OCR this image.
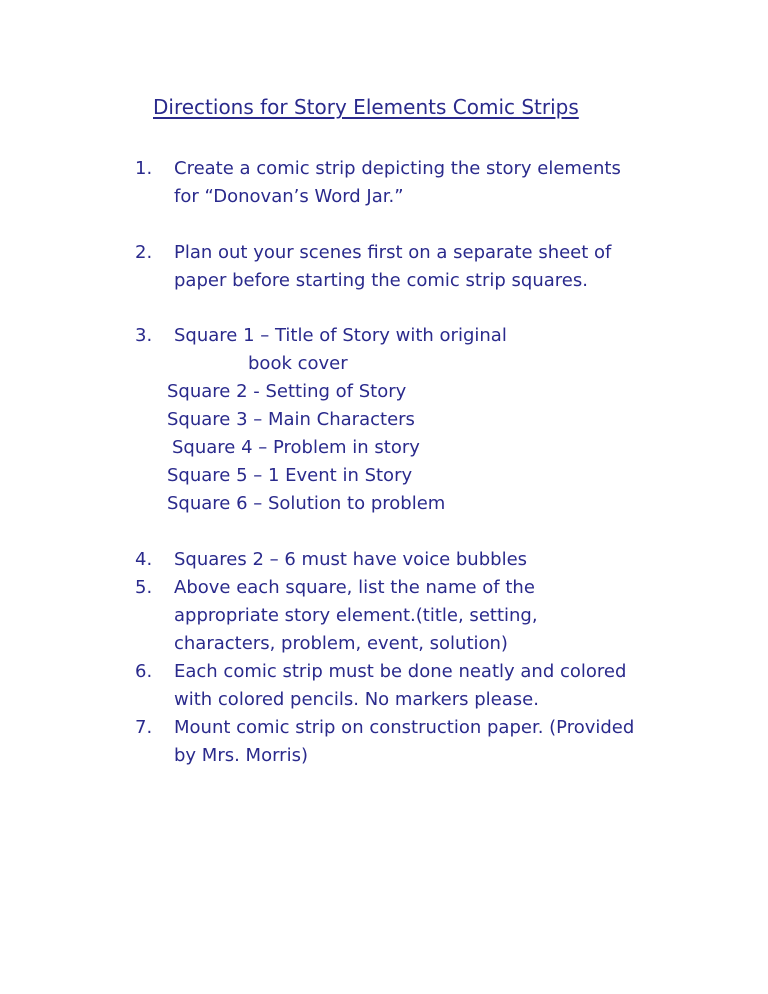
Directions for Story Elements Comic Strips
1. Create a comic strip depicting the story elements
for “Donovan’s Word Jar.”
2. Plan out your scenes first on a separate sheet of
paper before starting the comic strip squares.
3. Square 1 – Title of Story with original
book cover
Square 2 - Setting of Story
Square 3 – Main Characters
Square 4 – Problem in story
Square 5 – 1 Event in Story
Square 6 – Solution to problem
4. Squares 2 – 6 must have voice bubbles
5. Above each square, list the name of the
appropriate story element.(title, setting,
characters, problem, event, solution)
6. Each comic strip must be done neatly and colored
with colored pencils. No markers please.
7. Mount comic strip on construction paper. (Provided
by Mrs. Morris)
